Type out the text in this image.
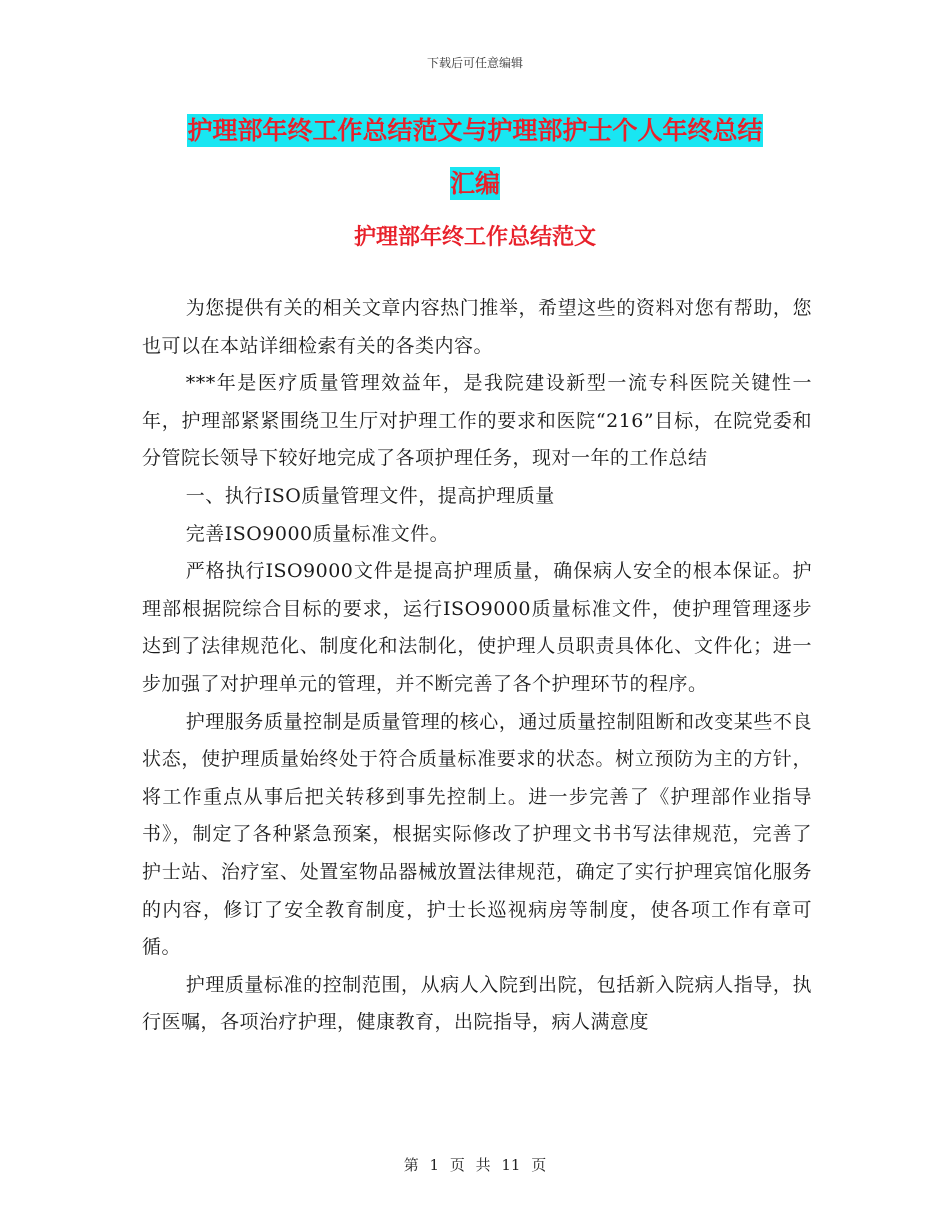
下载后可任意编辑
护理部年终工作总结范文与护理部护士个人年终总结
汇编
护理部年终工作总结范文

为您提供有关的相关文章内容热门推举，希望这些的资料对您有帮助，您也可以在本站详细检索有关的各类内容。

***年是医疗质量管理效益年，是我院建设新型一流专科医院关键性一年，护理部紧紧围绕卫生厅对护理工作的要求和医院“216”目标，在院党委和分管院长领导下较好地完成了各项护理任务，现对一年的工作总结

一、执行ISO质量管理文件，提高护理质量

完善ISO9000质量标准文件。

严格执行ISO9000文件是提高护理质量，确保病人安全的根本保证。护理部根据院综合目标的要求，运行ISO9000质量标准文件，使护理管理逐步达到了法律规范化、制度化和法制化，使护理人员职责具体化、文件化；进一步加强了对护理单元的管理，并不断完善了各个护理环节的程序。

护理服务质量控制是质量管理的核心，通过质量控制阻断和改变某些不良状态，使护理质量始终处于符合质量标准要求的状态。树立预防为主的方针，将工作重点从事后把关转移到事先控制上。进一步完善了《护理部作业指导书》，制定了各种紧急预案，根据实际修改了护理文书书写法律规范，完善了护士站、治疗室、处置室物品器械放置法律规范，确定了实行护理宾馆化服务的内容，修订了安全教育制度，护士长巡视病房等制度，使各项工作有章可循。

护理质量标准的控制范围，从病人入院到出院，包括新入院病人指导，执行医嘱，各项治疗护理，健康教育，出院指导，病人满意度

第 1 页 共 11 页
